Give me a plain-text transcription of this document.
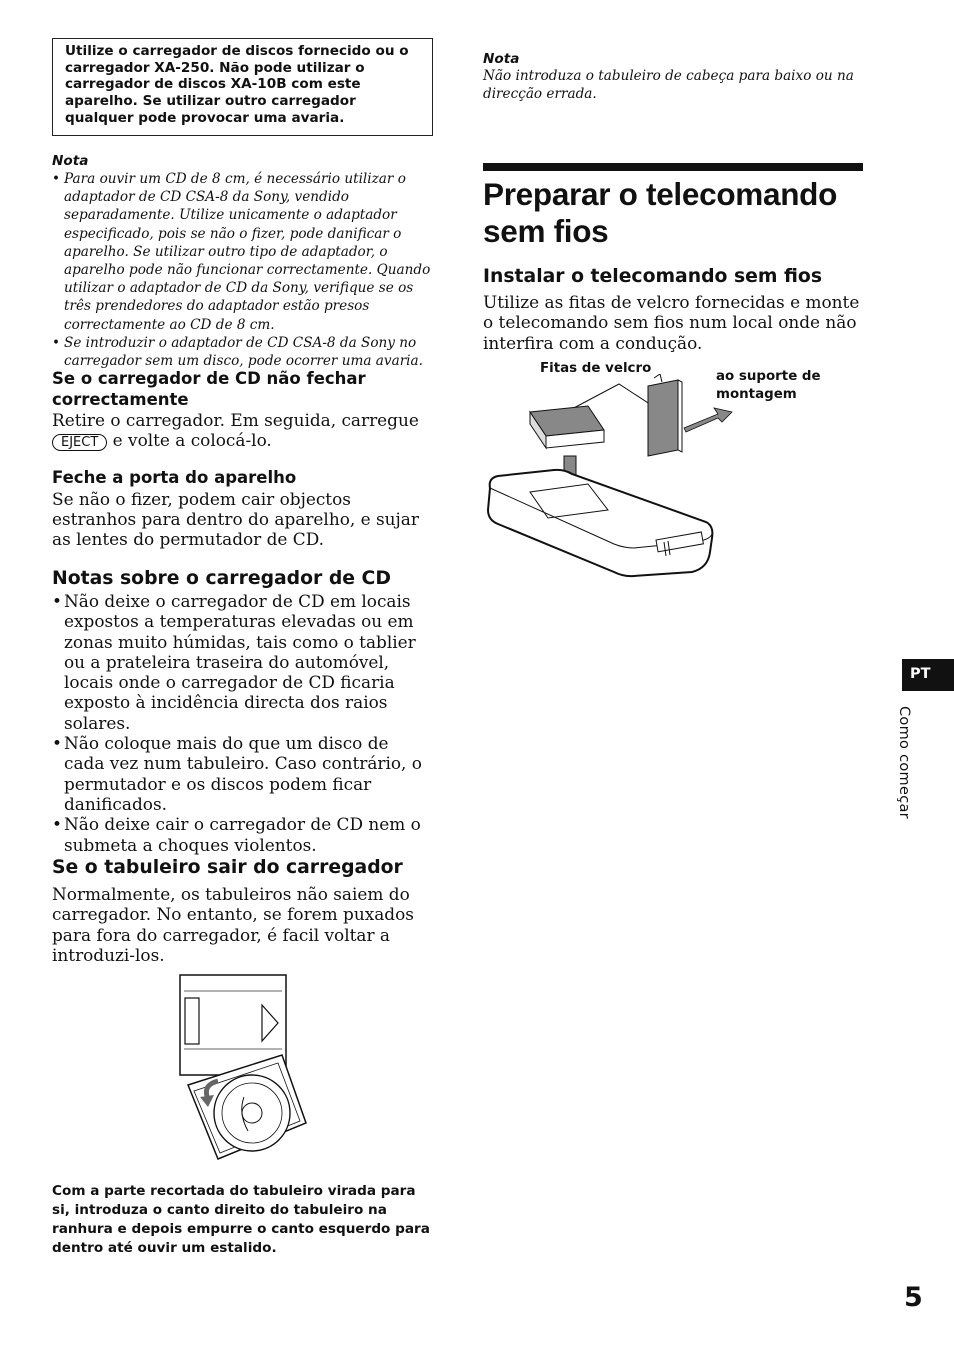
Utilize o carregador de discos fornecido ou o carregador XA-250. Não pode utilizar o carregador de discos XA-10B com este aparelho. Se utilizar outro carregador qualquer pode provocar uma avaria.
Nota
• Para ouvir um CD de 8 cm, é necessário utilizar o adaptador de CD CSA-8 da Sony, vendido separadamente. Utilize unicamente o adaptador especificado, pois se não o fizer, pode danificar o aparelho. Se utilizar outro tipo de adaptador, o aparelho pode não funcionar correctamente. Quando utilizar o adaptador de CD da Sony, verifique se os três prendedores do adaptador estão presos correctamente ao CD de 8 cm.
• Se introduzir o adaptador de CD CSA-8 da Sony no carregador sem um disco, pode ocorrer uma avaria.
Se o carregador de CD não fechar correctamente
Retire o carregador. Em seguida, carregue
EJECT e volte a colocá-lo.
Feche a porta do aparelho
Se não o fizer, podem cair objectos estranhos para dentro do aparelho, e sujar as lentes do permutador de CD.
Notas sobre o carregador de CD
• Não deixe o carregador de CD em locais expostos a temperaturas elevadas ou em zonas muito húmidas, tais como o tablier ou a prateleira traseira do automóvel, locais onde o carregador de CD ficaria exposto à incidência directa dos raios solares.
• Não coloque mais do que um disco de cada vez num tabuleiro. Caso contrário, o permutador e os discos podem ficar danificados.
• Não deixe cair o carregador de CD nem o submeta a choques violentos.
Se o tabuleiro sair do carregador
Normalmente, os tabuleiros não saiem do carregador. No entanto, se forem puxados para fora do carregador, é facil voltar a introduzi-los.
Com a parte recortada do tabuleiro virada para si, introduza o canto direito do tabuleiro na ranhura e depois empurre o canto esquerdo para dentro até ouvir um estalido.
Nota
Não introduza o tabuleiro de cabeça para baixo ou na direcção errada.
Preparar o telecomando sem fios
Instalar o telecomando sem fios
Utilize as fitas de velcro fornecidas e monte o telecomando sem fios num local onde não interfira com a condução.
Fitas de velcro
ao suporte de montagem
PT
Como começar
5
